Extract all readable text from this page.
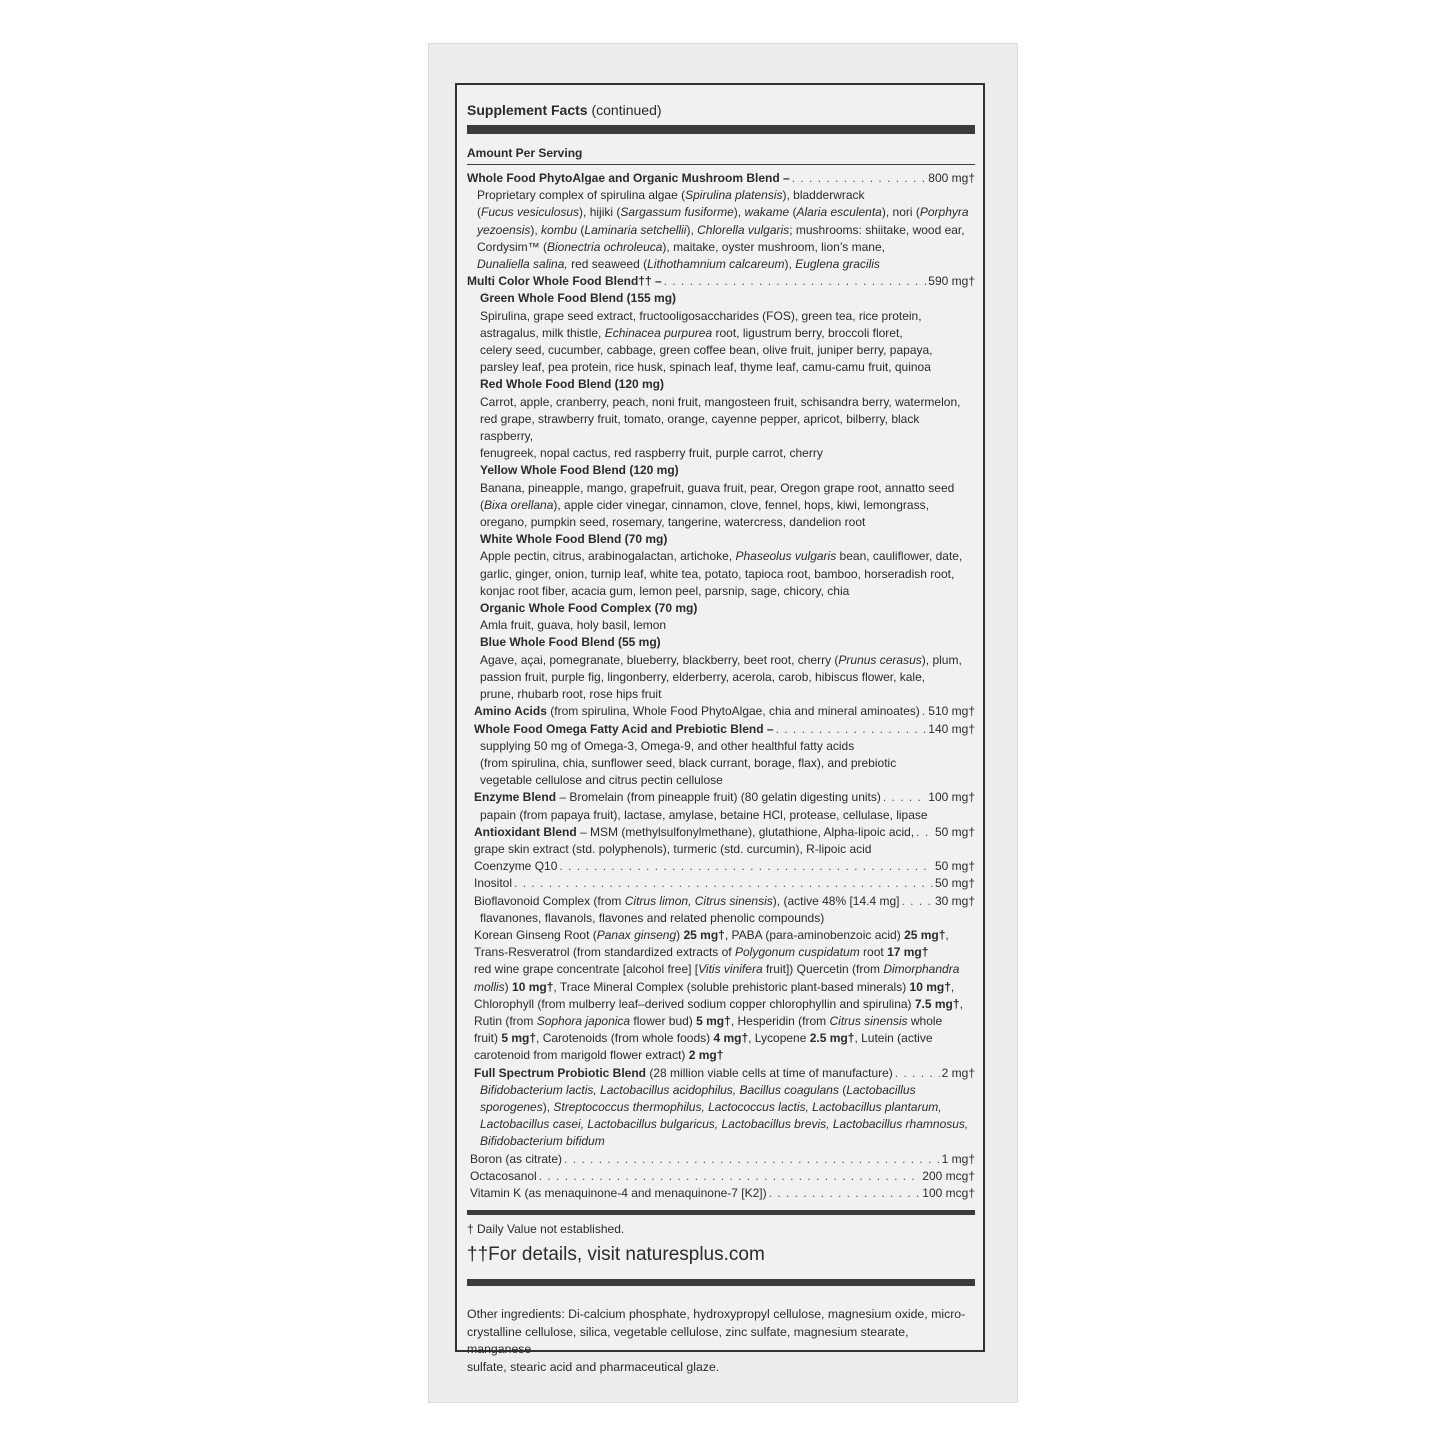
Supplement Facts (continued)
Amount Per Serving
Whole Food PhytoAlgae and Organic Mushroom Blend – . . .	800 mg†
Proprietary complex of spirulina algae (Spirulina platensis), bladderwrack
(Fucus vesiculosus), hijiki (Sargassum fusiforme), wakame (Alaria esculenta), nori (Porphyra
yezoensis), kombu (Laminaria setchellii), Chlorella vulgaris; mushrooms: shiitake, wood ear,
Cordysim™ (Bionectria ochroleuca), maitake, oyster mushroom, lion’s mane,
Dunaliella salina, red seaweed (Lithothamnium calcareum), Euglena gracilis
Multi Color Whole Food Blend†† – . . .	590 mg†
Green Whole Food Blend (155 mg)
Spirulina, grape seed extract, fructooligosaccharides (FOS), green tea, rice protein,
astragalus, milk thistle, Echinacea purpurea root, ligustrum berry, broccoli floret,
celery seed, cucumber, cabbage, green coffee bean, olive fruit, juniper berry, papaya,
parsley leaf, pea protein, rice husk, spinach leaf, thyme leaf, camu-camu fruit, quinoa
Red Whole Food Blend (120 mg)
Carrot, apple, cranberry, peach, noni fruit, mangosteen fruit, schisandra berry, watermelon,
red grape, strawberry fruit, tomato, orange, cayenne pepper, apricot, bilberry, black raspberry,
fenugreek, nopal cactus, red raspberry fruit, purple carrot, cherry
Yellow Whole Food Blend (120 mg)
Banana, pineapple, mango, grapefruit, guava fruit, pear, Oregon grape root, annatto seed
(Bixa orellana), apple cider vinegar, cinnamon, clove, fennel, hops, kiwi, lemongrass,
oregano, pumpkin seed, rosemary, tangerine, watercress, dandelion root
White Whole Food Blend (70 mg)
Apple pectin, citrus, arabinogalactan, artichoke, Phaseolus vulgaris bean, cauliflower, date,
garlic, ginger, onion, turnip leaf, white tea, potato, tapioca root, bamboo, horseradish root,
konjac root fiber, acacia gum, lemon peel, parsnip, sage, chicory, chia
Organic Whole Food Complex (70 mg)
Amla fruit, guava, holy basil, lemon
Blue Whole Food Blend (55 mg)
Agave, açai, pomegranate, blueberry, blackberry, beet root, cherry (Prunus cerasus), plum,
passion fruit, purple fig, lingonberry, elderberry, acerola, carob, hibiscus flower, kale,
prune, rhubarb root, rose hips fruit
Amino Acids (from spirulina, Whole Food PhytoAlgae, chia and mineral aminoates) . . . 510 mg†
Whole Food Omega Fatty Acid and Prebiotic Blend – . . .	140 mg†
supplying 50 mg of Omega-3, Omega-9, and other healthful fatty acids
(from spirulina, chia, sunflower seed, black currant, borage, flax), and prebiotic
vegetable cellulose and citrus pectin cellulose
Enzyme Blend – Bromelain (from pineapple fruit) (80 gelatin digesting units) . . .	100 mg†
papain (from papaya fruit), lactase, amylase, betaine HCl, protease, cellulase, lipase
Antioxidant Blend – MSM (methylsulfonylmethane), glutathione, Alpha-lipoic acid, . . . 50 mg†
grape skin extract (std. polyphenols), turmeric (std. curcumin), R-lipoic acid
Coenzyme Q10 . . .	50 mg†
Inositol . . .	50 mg†
Bioflavonoid Complex (from Citrus limon, Citrus sinensis), (active 48% [14.4 mg] . . .	30 mg†
flavanones, flavanols, flavones and related phenolic compounds)
Korean Ginseng Root (Panax ginseng) 25 mg†, PABA (para-aminobenzoic acid) 25 mg†,
Trans-Resveratrol (from standardized extracts of Polygonum cuspidatum root 17 mg†
red wine grape concentrate [alcohol free] [Vitis vinifera fruit]) Quercetin (from Dimorphandra
mollis) 10 mg†, Trace Mineral Complex (soluble prehistoric plant-based minerals) 10 mg†,
Chlorophyll (from mulberry leaf–derived sodium copper chlorophyllin and spirulina) 7.5 mg†,
Rutin (from Sophora japonica flower bud) 5 mg†, Hesperidin (from Citrus sinensis whole
fruit) 5 mg†, Carotenoids (from whole foods) 4 mg†, Lycopene 2.5 mg†, Lutein (active
carotenoid from marigold flower extract) 2 mg†
Full Spectrum Probiotic Blend (28 million viable cells at time of manufacture) . . .	2 mg†
Bifidobacterium lactis, Lactobacillus acidophilus, Bacillus coagulans (Lactobacillus
sporogenes), Streptococcus thermophilus, Lactococcus lactis, Lactobacillus plantarum,
Lactobacillus casei, Lactobacillus bulgaricus, Lactobacillus brevis, Lactobacillus rhamnosus,
Bifidobacterium bifidum
Boron (as citrate) . . .	1 mg†
Octacosanol . . .	200 mcg†
Vitamin K (as menaquinone-4 and menaquinone-7 [K2]) . . .	100 mcg†
† Daily Value not established.
††For details, visit naturesplus.com
Other ingredients: Di-calcium phosphate, hydroxypropyl cellulose, magnesium oxide, micro-
crystalline cellulose, silica, vegetable cellulose, zinc sulfate, magnesium stearate, manganese
sulfate, stearic acid and pharmaceutical glaze.
